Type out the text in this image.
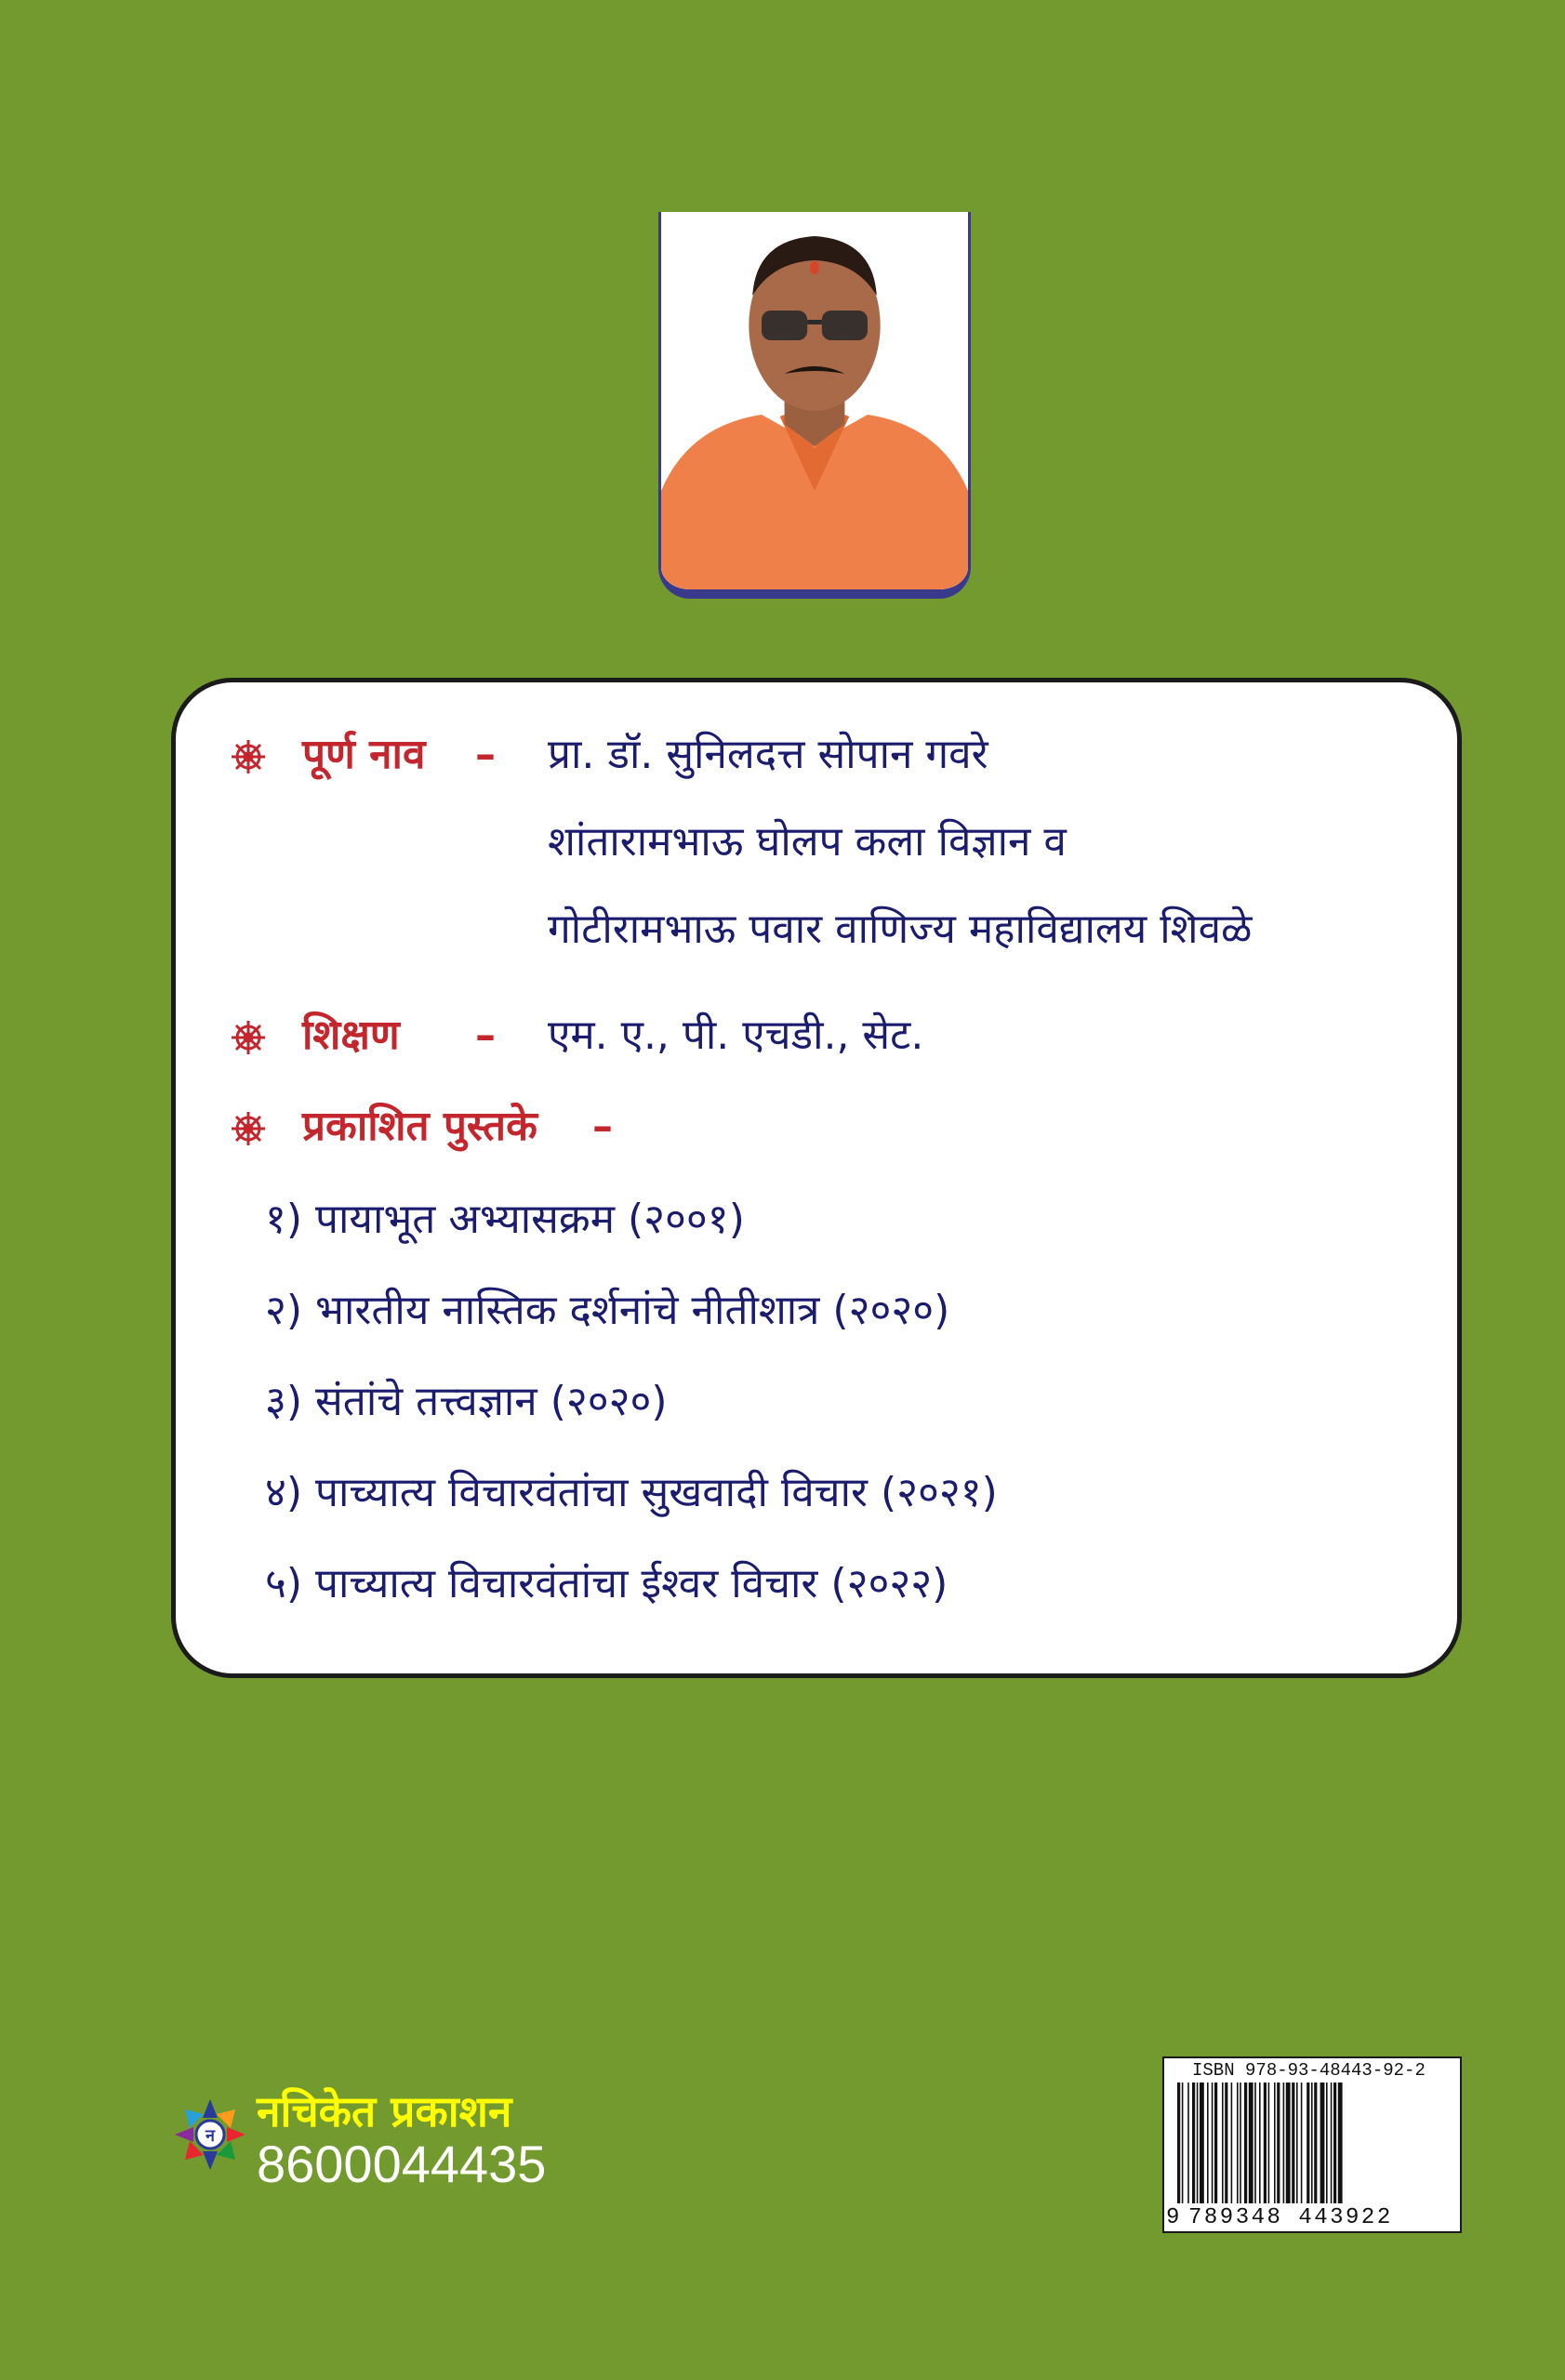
पूर्ण नाव – प्रा. डॉ. सुनिलदत्त सोपान गवरे
शांतारामभाऊ घोलप कला विज्ञान व
गोटीरामभाऊ पवार वाणिज्य महाविद्यालय शिवळे
शिक्षण – एम. ए., पी. एचडी., सेट.
प्रकाशित पुस्तके –
१) पायाभूत अभ्यासक्रम (२००१)
२) भारतीय नास्तिक दर्शनांचे नीतीशात्र (२०२०)
३) संतांचे तत्त्वज्ञान (२०२०)
४) पाच्यात्य विचारवंतांचा सुखवादी विचार (२०२१)
५) पाच्यात्य विचारवंतांचा ईश्वर विचार (२०२२)
न नचिकेत प्रकाशन
8600044435
ISBN 978-93-48443-92-2
9 789348 443922
